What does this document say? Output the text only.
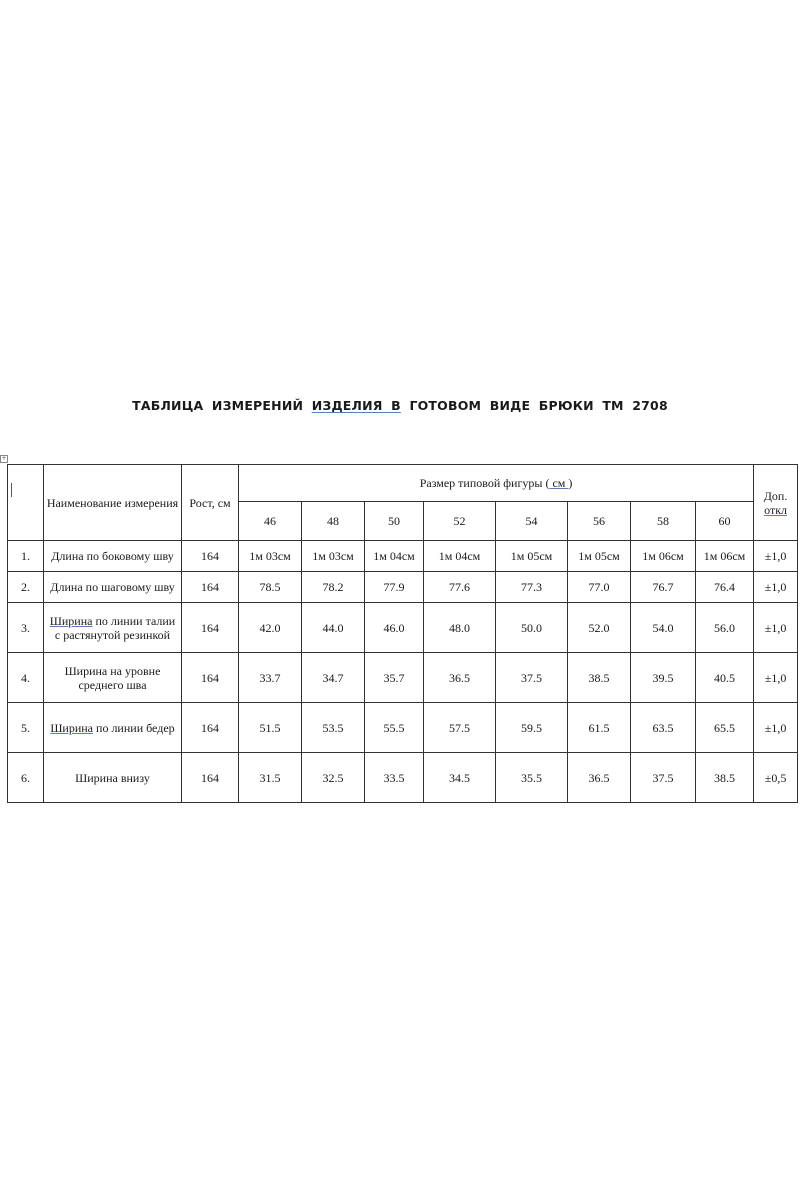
ТАБЛИЦА ИЗМЕРЕНИЙ ИЗДЕЛИЯ В ГОТОВОМ ВИДЕ БРЮКИ ТМ 2708
+
	Наименование измерения	Рост, см	Размер типовой фигуры ( см )								Доп.
откл

			46	48	50	52	54	56	58	60	
1.	Длина по боковому шву	164	1м 03см	1м 03см	1м 04см	1м 04см	1м 05см	1м 05см	1м 06см	1м 06см	±1,0
2.	Длина по шаговому шву	164	78.5	78.2	77.9	77.6	77.3	77.0	76.7	76.4	±1,0
3.	Ширина по линии талии с растянутой резинкой	164	42.0	44.0	46.0	48.0	50.0	52.0	54.0	56.0	±1,0
4.	Ширина на уровне среднего шва	164	33.7	34.7	35.7	36.5	37.5	38.5	39.5	40.5	±1,0
5.	Ширина по линии бедер	164	51.5	53.5	55.5	57.5	59.5	61.5	63.5	65.5	±1,0
6.	Ширина внизу	164	31.5	32.5	33.5	34.5	35.5	36.5	37.5	38.5	±0,5
